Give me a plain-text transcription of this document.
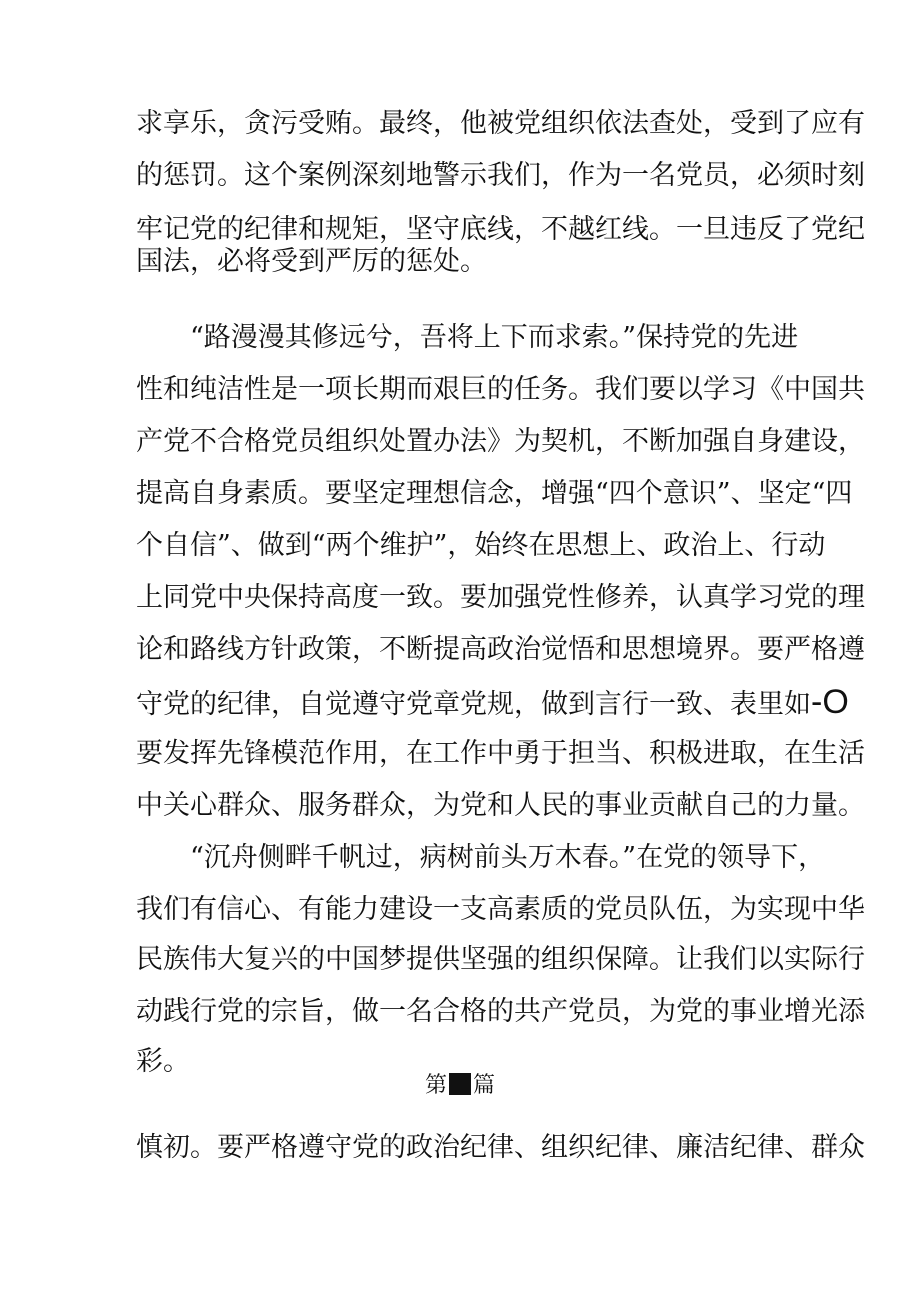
求享乐，贪污受贿。最终，他被党组织依法查处，受到了应有
的惩罚。这个案例深刻地警示我们，作为一名党员，必须时刻
牢记党的纪律和规矩，坚守底线，不越红线。一旦违反了党纪
国法，必将受到严厉的惩处。
“路漫漫其修远兮，吾将上下而求索。”保持党的先进
性和纯洁性是一项长期而艰巨的任务。我们要以学习《中国共
产党不合格党员组织处置办法》为契机，不断加强自身建设，
提高自身素质。要坚定理想信念，增强“四个意识”、坚定“四
个自信”、做到“两个维护”，始终在思想上、政治上、行动
上同党中央保持高度一致。要加强党性修养，认真学习党的理
论和路线方针政策，不断提高政治觉悟和思想境界。要严格遵
守党的纪律，自觉遵守党章党规，做到言行一致、表里如-O
要发挥先锋模范作用，在工作中勇于担当、积极进取，在生活
中关心群众、服务群众，为党和人民的事业贡献自己的力量。
“沉舟侧畔千帆过，病树前头万木春。”在党的领导下，
我们有信心、有能力建设一支高素质的党员队伍，为实现中华
民族伟大复兴的中国梦提供坚强的组织保障。让我们以实际行
动践行党的宗旨，做一名合格的共产党员，为党的事业增光添
彩。
第 篇
慎初。要严格遵守党的政治纪律、组织纪律、廉洁纪律、群众
